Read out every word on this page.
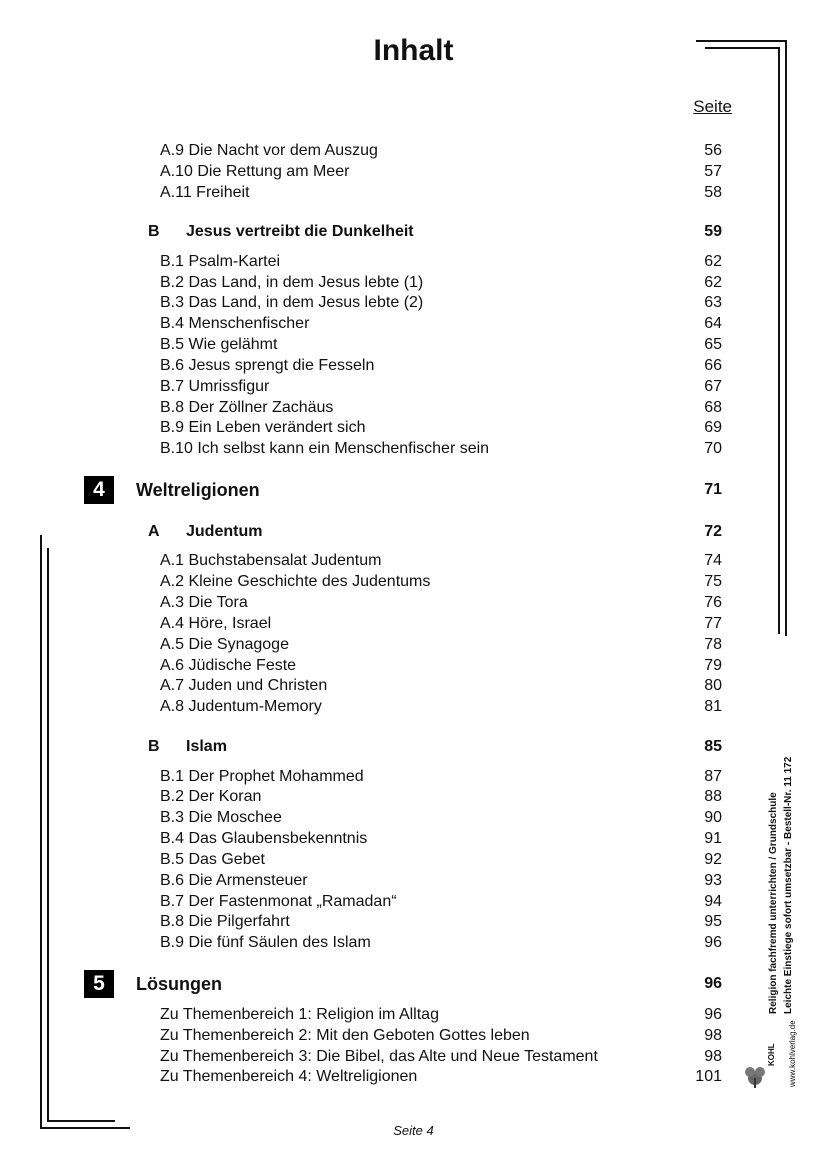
Inhalt
Seite
A.9 Die Nacht vor dem Auszug	56
A.10 Die Rettung am Meer	57
A.11 Freiheit	58
B Jesus vertreibt die Dunkelheit	59
B.1 Psalm-Kartei	62
B.2 Das Land, in dem Jesus lebte (1)	62
B.3 Das Land, in dem Jesus lebte (2)	63
B.4 Menschenfischer	64
B.5 Wie gelähmt	65
B.6 Jesus sprengt die Fesseln	66
B.7 Umrissfigur	67
B.8 Der Zöllner Zachäus	68
B.9 Ein Leben verändert sich	69
B.10 Ich selbst kann ein Menschenfischer sein	70
4	Weltreligionen	71
A Judentum	72
A.1 Buchstabensalat Judentum	74
A.2 Kleine Geschichte des Judentums	75
A.3 Die Tora	76
A.4 Höre, Israel	77
A.5 Die Synagoge	78
A.6 Jüdische Feste	79
A.7 Juden und Christen	80
A.8 Judentum-Memory	81
B Islam	85
B.1 Der Prophet Mohammed	87
B.2 Der Koran	88
B.3 Die Moschee	90
B.4 Das Glaubensbekenntnis	91
B.5 Das Gebet	92
B.6 Die Armensteuer	93
B.7 Der Fastenmonat „Ramadan“	94
B.8 Die Pilgerfahrt	95
B.9 Die fünf Säulen des Islam	96
5	Lösungen	96
Zu Themenbereich 1: Religion im Alltag	96
Zu Themenbereich 2: Mit den Geboten Gottes leben	98
Zu Themenbereich 3: Die Bibel, das Alte und Neue Testament	98
Zu Themenbereich 4: Weltreligionen	101
Seite 4
Religion fachfremd unterrichten / Grundschule Leichte Einstiege sofort umsetzbar - Bestell-Nr. 11 172
www.kohlverlag.de
KOHL
